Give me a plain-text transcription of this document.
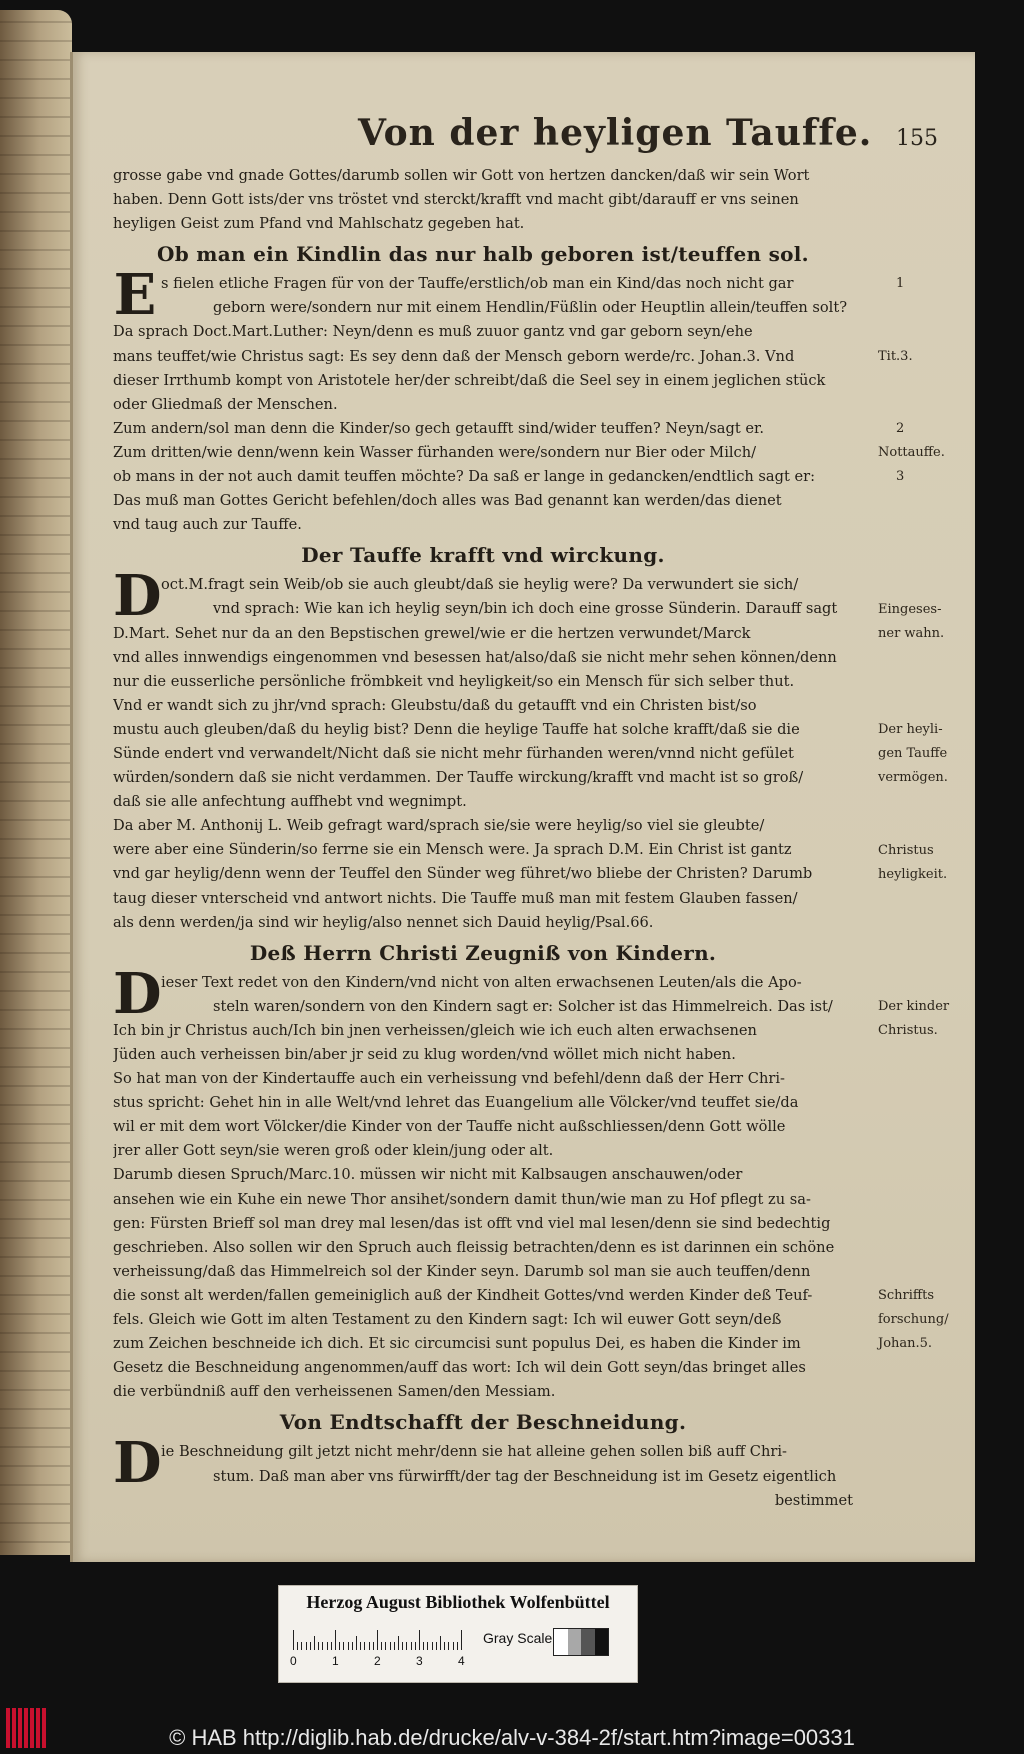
Von der heyligen Tauffe. 155
grosse gabe vnd gnade Gottes/darumb sollen wir Gott von hertzen dancken/daß wir sein Wort
haben. Denn Gott ists/der vns tröstet vnd sterckt/krafft vnd macht gibt/darauff er vns seinen
heyligen Geist zum Pfand vnd Mahlschatz gegeben hat.
Ob man ein Kindlin das nur halb geboren ist/teuffen sol.
Es fielen etliche Fragen für von der Tauffe/erstlich/ob man ein Kind/das noch nicht gar
geborn were/sondern nur mit einem Hendlin/Füßlin oder Heuptlin allein/teuffen solt?
Da sprach Doct.Mart.Luther: Neyn/denn es muß zuuor gantz vnd gar geborn seyn/ehe
mans teuffet/wie Christus sagt: Es sey denn daß der Mensch geborn werde/rc. Johan.3. Vnd
dieser Irrthumb kompt von Aristotele her/der schreibt/daß die Seel sey in einem jeglichen stück
oder Gliedmaß der Menschen.
Zum andern/sol man denn die Kinder/so gech getaufft sind/wider teuffen? Neyn/sagt er.
Zum dritten/wie denn/wenn kein Wasser fürhanden were/sondern nur Bier oder Milch/
ob mans in der not auch damit teuffen möchte? Da saß er lange in gedancken/endtlich sagt er:
Das muß man Gottes Gericht befehlen/doch alles was Bad genannt kan werden/das dienet
vnd taug auch zur Tauffe.
Der Tauffe krafft vnd wirckung.
Doct.M.fragt sein Weib/ob sie auch gleubt/daß sie heylig were? Da verwundert sie sich/
vnd sprach: Wie kan ich heylig seyn/bin ich doch eine grosse Sünderin. Darauff sagt
D.Mart. Sehet nur da an den Bepstischen grewel/wie er die hertzen verwundet/Marck
vnd alles innwendigs eingenommen vnd besessen hat/also/daß sie nicht mehr sehen können/denn
nur die eusserliche persönliche frömbkeit vnd heyligkeit/so ein Mensch für sich selber thut.
Vnd er wandt sich zu jhr/vnd sprach: Gleubstu/daß du getaufft vnd ein Christen bist/so
mustu auch gleuben/daß du heylig bist? Denn die heylige Tauffe hat solche krafft/daß sie die
Sünde endert vnd verwandelt/Nicht daß sie nicht mehr fürhanden weren/vnnd nicht gefület
würden/sondern daß sie nicht verdammen. Der Tauffe wirckung/krafft vnd macht ist so groß/
daß sie alle anfechtung auffhebt vnd wegnimpt.
Da aber M. Anthonij L. Weib gefragt ward/sprach sie/sie were heylig/so viel sie gleubte/
were aber eine Sünderin/so ferrne sie ein Mensch were. Ja sprach D.M. Ein Christ ist gantz
vnd gar heylig/denn wenn der Teuffel den Sünder weg führet/wo bliebe der Christen? Darumb
taug dieser vnterscheid vnd antwort nichts. Die Tauffe muß man mit festem Glauben fassen/
als denn werden/ja sind wir heylig/also nennet sich Dauid heylig/Psal.66.
Deß Herrn Christi Zeugniß von Kindern.
Dieser Text redet von den Kindern/vnd nicht von alten erwachsenen Leuten/als die Apo-
steln waren/sondern von den Kindern sagt er: Solcher ist das Himmelreich. Das ist/
Ich bin jr Christus auch/Ich bin jnen verheissen/gleich wie ich euch alten erwachsenen
Jüden auch verheissen bin/aber jr seid zu klug worden/vnd wöllet mich nicht haben.
So hat man von der Kindertauffe auch ein verheissung vnd befehl/denn daß der Herr Chri-
stus spricht: Gehet hin in alle Welt/vnd lehret das Euangelium alle Völcker/vnd teuffet sie/da
wil er mit dem wort Völcker/die Kinder von der Tauffe nicht außschliessen/denn Gott wölle
jrer aller Gott seyn/sie weren groß oder klein/jung oder alt.
Darumb diesen Spruch/Marc.10. müssen wir nicht mit Kalbsaugen anschauwen/oder
ansehen wie ein Kuhe ein newe Thor ansihet/sondern damit thun/wie man zu Hof pflegt zu sa-
gen: Fürsten Brieff sol man drey mal lesen/das ist offt vnd viel mal lesen/denn sie sind bedechtig
geschrieben. Also sollen wir den Spruch auch fleissig betrachten/denn es ist darinnen ein schöne
verheissung/daß das Himmelreich sol der Kinder seyn. Darumb sol man sie auch teuffen/denn
die sonst alt werden/fallen gemeiniglich auß der Kindheit Gottes/vnd werden Kinder deß Teuf-
fels. Gleich wie Gott im alten Testament zu den Kindern sagt: Ich wil euwer Gott seyn/deß
zum Zeichen beschneide ich dich. Et sic circumcisi sunt populus Dei, es haben die Kinder im
Gesetz die Beschneidung angenommen/auff das wort: Ich wil dein Gott seyn/das bringet alles
die verbündniß auff den verheissenen Samen/den Messiam.
Von Endtschafft der Beschneidung.
Die Beschneidung gilt jetzt nicht mehr/denn sie hat alleine gehen sollen biß auff Chri-
stum. Daß man aber vns fürwirfft/der tag der Beschneidung ist im Gesetz eigentlich
bestimmet
1
Tit.3.
2
Nottauffe.
3
Eingeses-
ner wahn.
Der heyli-
gen Tauffe
vermögen.
Christus
heyligkeit.
Der kinder
Christus.
Schriffts
forschung/
Johan.5.
Herzog August Bibliothek Wolfenbüttel
0	1	2	3	4
Gray Scale
© HAB http://diglib.hab.de/drucke/alv-v-384-2f/start.htm?image=00331
